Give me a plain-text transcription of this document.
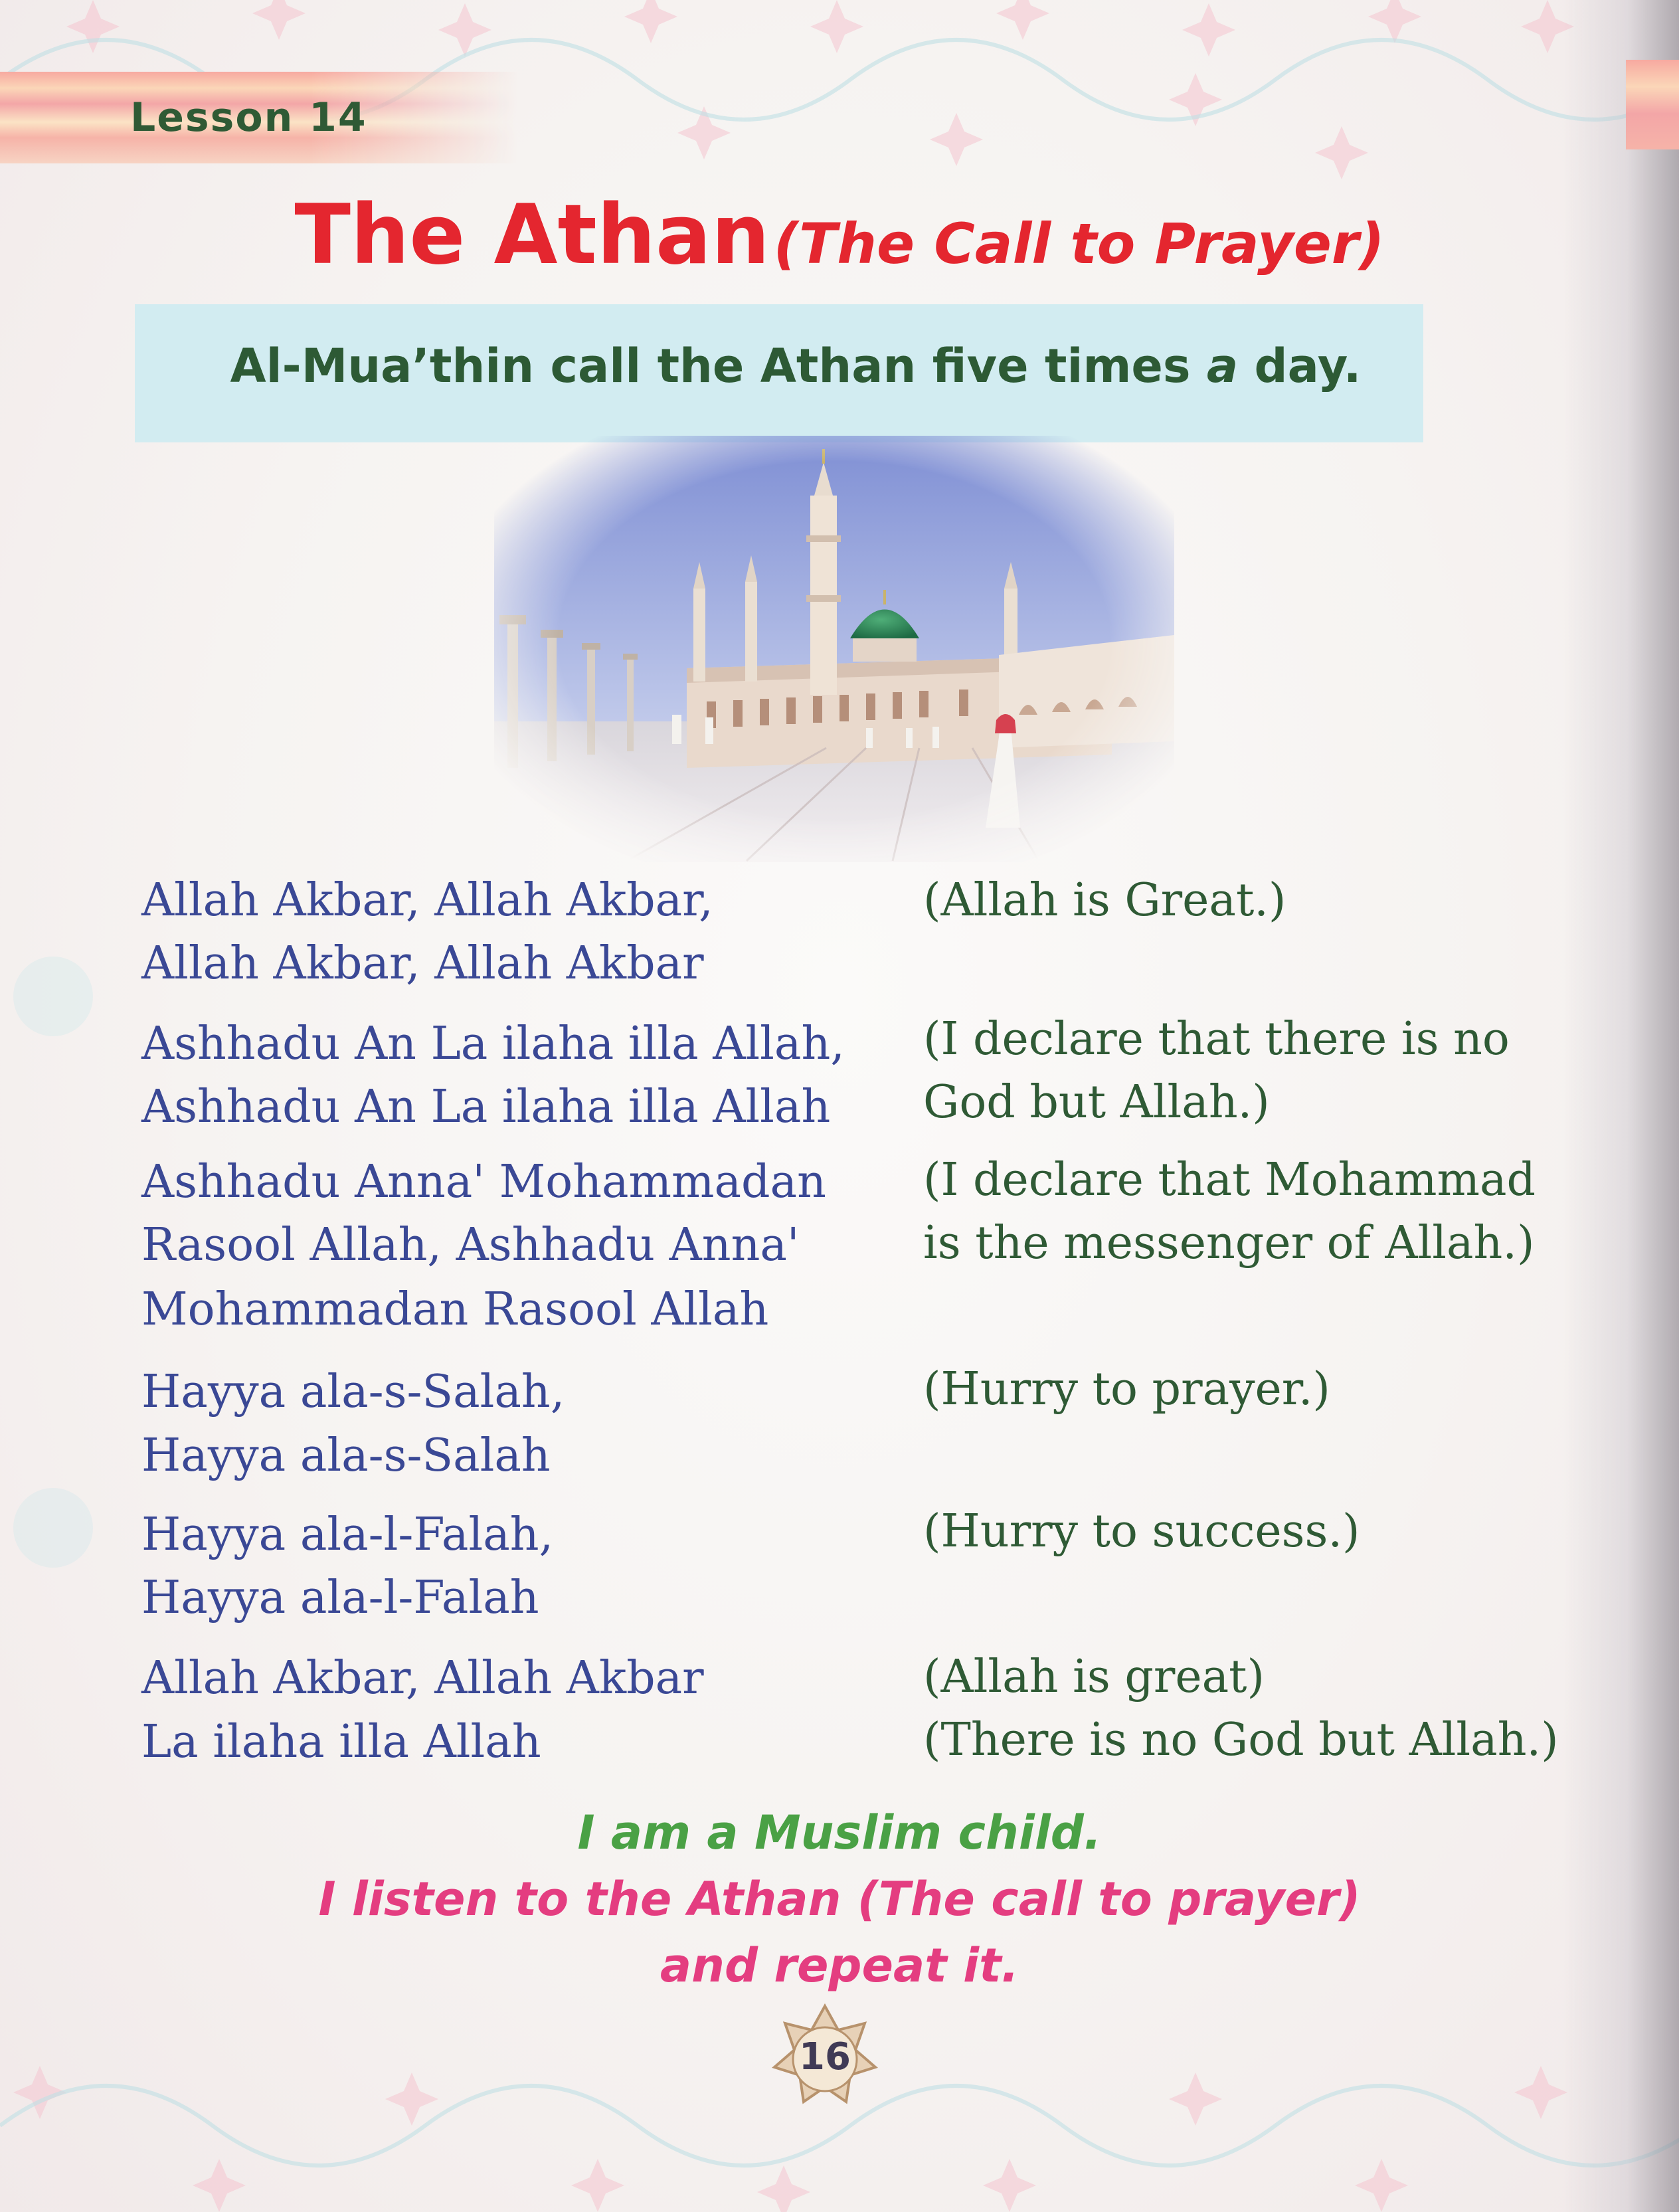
Lesson 14
The Athan (The Call to Prayer)
Al-Mua’thin call the Athan five times a day.

Allah Akbar, Allah Akbar,
Allah Akbar, Allah Akbar
Ashhadu An La ilaha illa Allah,
Ashhadu An La ilaha illa Allah
Ashhadu Anna' Mohammadan
Rasool Allah, Ashhadu Anna'
Mohammadan Rasool Allah
Hayya ala-s-Salah,
Hayya ala-s-Salah
Hayya ala-l-Falah,
Hayya ala-l-Falah
Allah Akbar, Allah Akbar
La ilaha illa Allah
(Allah is Great.)
(I declare that there is no
God but Allah.)
(I declare that Mohammad
is the messenger of Allah.)
(Hurry to prayer.)
(Hurry to success.)
(Allah is great)
(There is no God but Allah.)
I am a Muslim child.
I listen to the Athan (The call to prayer)
and repeat it.
16
